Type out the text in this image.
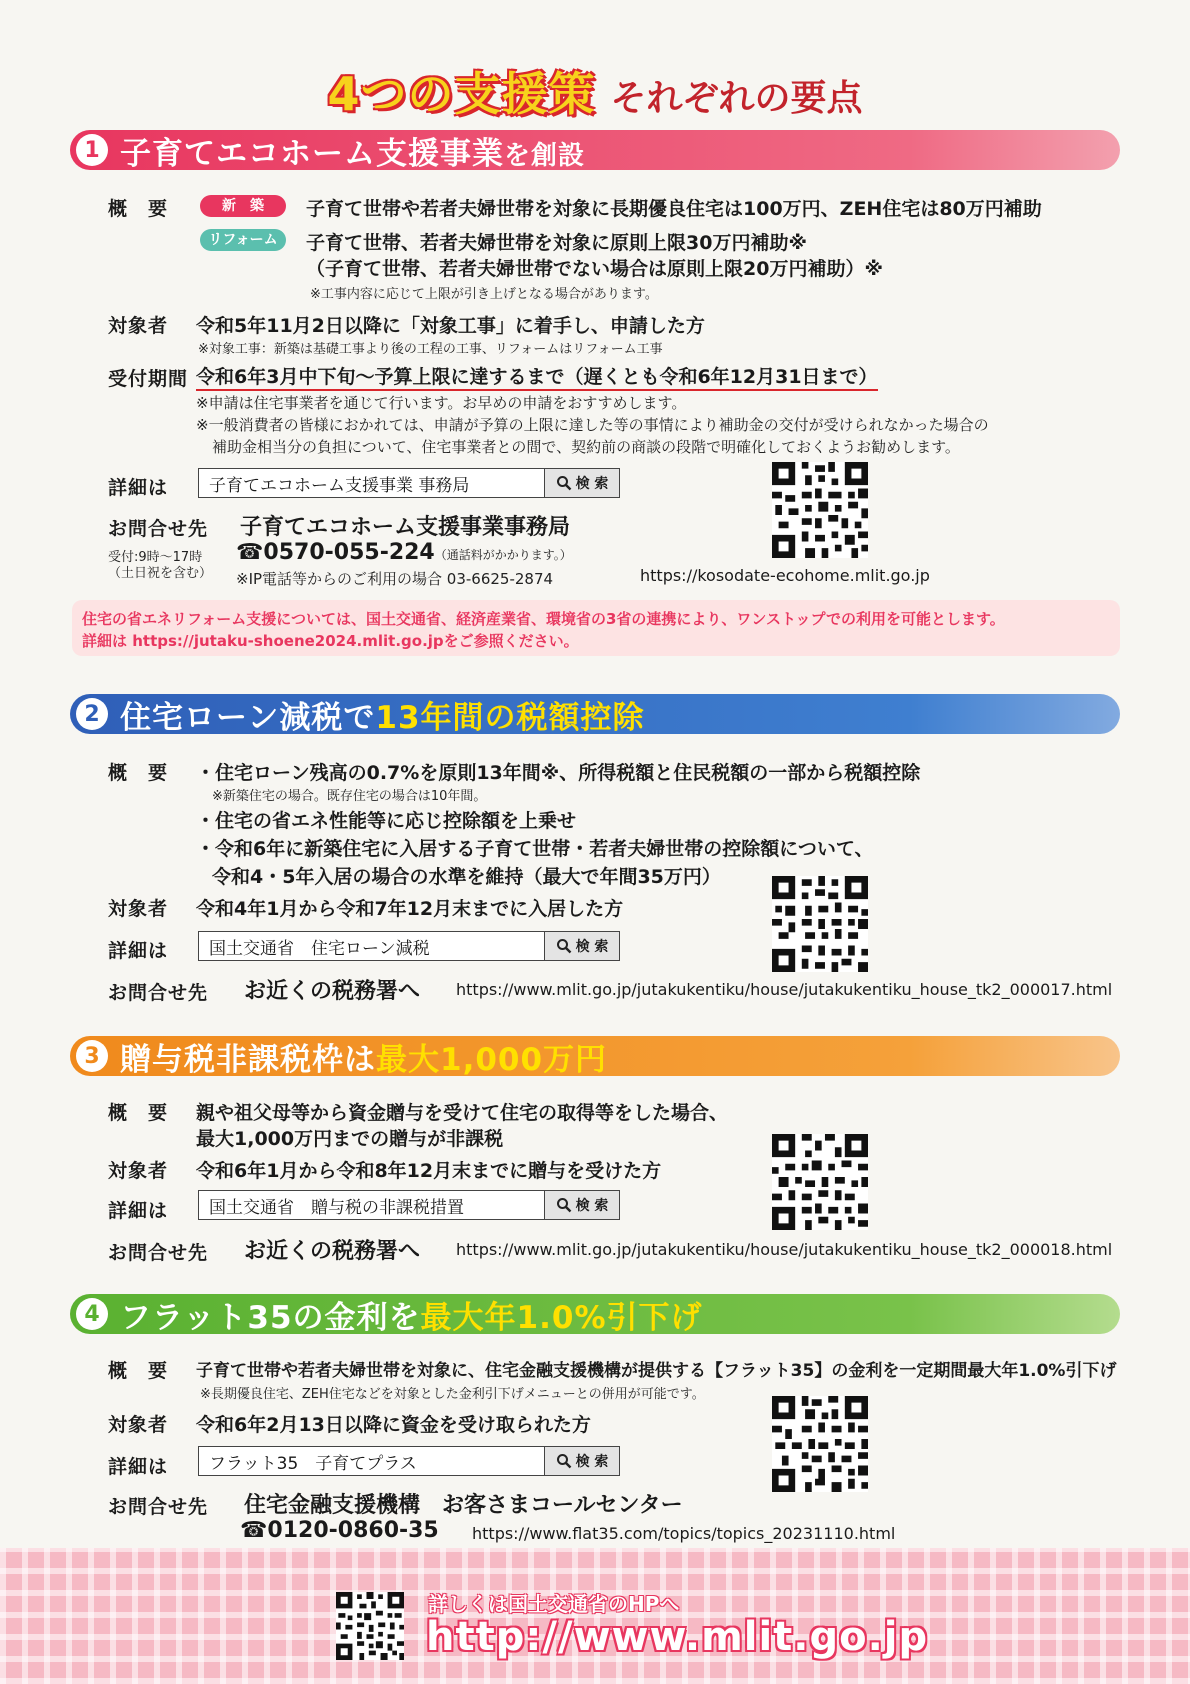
4つの支援策 それぞれの要点
1 子育てエコホーム支援事業を創設
概　要	新　築	子育て世帯や若者夫婦世帯を対象に長期優良住宅は100万円、ZEH住宅は80万円補助
リフォーム	子育て世帯、若者夫婦世帯を対象に原則上限30万円補助※
（子育て世帯、若者夫婦世帯でない場合は原則上限20万円補助）※
※工事内容に応じて上限が引き上げとなる場合があります。
対象者 令和5年11月2日以降に「対象工事」に着手し、申請した方
※対象工事：新築は基礎工事より後の工程の工事、リフォームはリフォーム工事
受付期間 令和6年3月中下旬～予算上限に達するまで（遅くとも令和6年12月31日まで）
※申請は住宅事業者を通じて行います。お早めの申請をおすすめします。
※一般消費者の皆様におかれては、申請が予算の上限に達した等の事情により補助金の交付が受けられなかった場合の
補助金相当分の負担について、住宅事業者との間で、契約前の商談の段階で明確化しておくようお勧めします。
詳細は	子育てエコホーム支援事業 事務局	検 索
お問合せ先 子育てエコホーム支援事業事務局
受付:9時～17時
（土日祝を含む）
☎0570-055-224（通話料がかかります。）
※IP電話等からのご利用の場合 03-6625-2874	https://kosodate-ecohome.mlit.go.jp
住宅の省エネリフォーム支援については、国土交通省、経済産業省、環境省の3省の連携により、ワンストップでの利用を可能とします。
詳細は https://jutaku-shoene2024.mlit.go.jpをご参照ください。
2 住宅ローン減税で13年間の税額控除
概　要 ・住宅ローン残高の0.7%を原則13年間※、所得税額と住民税額の一部から税額控除
※新築住宅の場合。既存住宅の場合は10年間。
・住宅の省エネ性能等に応じ控除額を上乗せ
・令和6年に新築住宅に入居する子育て世帯・若者夫婦世帯の控除額について、
令和4・5年入居の場合の水準を維持（最大で年間35万円）
対象者 令和4年1月から令和7年12月末までに入居した方
詳細は	国土交通省　住宅ローン減税	検 索
お問合せ先 お近くの税務署へ https://www.mlit.go.jp/jutakukentiku/house/jutakukentiku_house_tk2_000017.html
3 贈与税非課税枠は最大1,000万円
概　要 親や祖父母等から資金贈与を受けて住宅の取得等をした場合、
最大1,000万円までの贈与が非課税
対象者 令和6年1月から令和8年12月末までに贈与を受けた方
詳細は	国土交通省　贈与税の非課税措置	検 索
お問合せ先 お近くの税務署へ https://www.mlit.go.jp/jutakukentiku/house/jutakukentiku_house_tk2_000018.html
4 フラット35の金利を最大年1.0%引下げ
概　要 子育て世帯や若者夫婦世帯を対象に、住宅金融支援機構が提供する【フラット35】の金利を一定期間最大年1.0%引下げ
※長期優良住宅、ZEH住宅などを対象とした金利引下げメニューとの併用が可能です。
対象者 令和6年2月13日以降に資金を受け取られた方
詳細は	フラット35　子育てプラス	検 索
お問合せ先 住宅金融支援機構　お客さまコールセンター
☎0120-0860-35 https://www.flat35.com/topics/topics_20231110.html
詳しくは国土交通省のHPへ
http://www.mlit.go.jp
